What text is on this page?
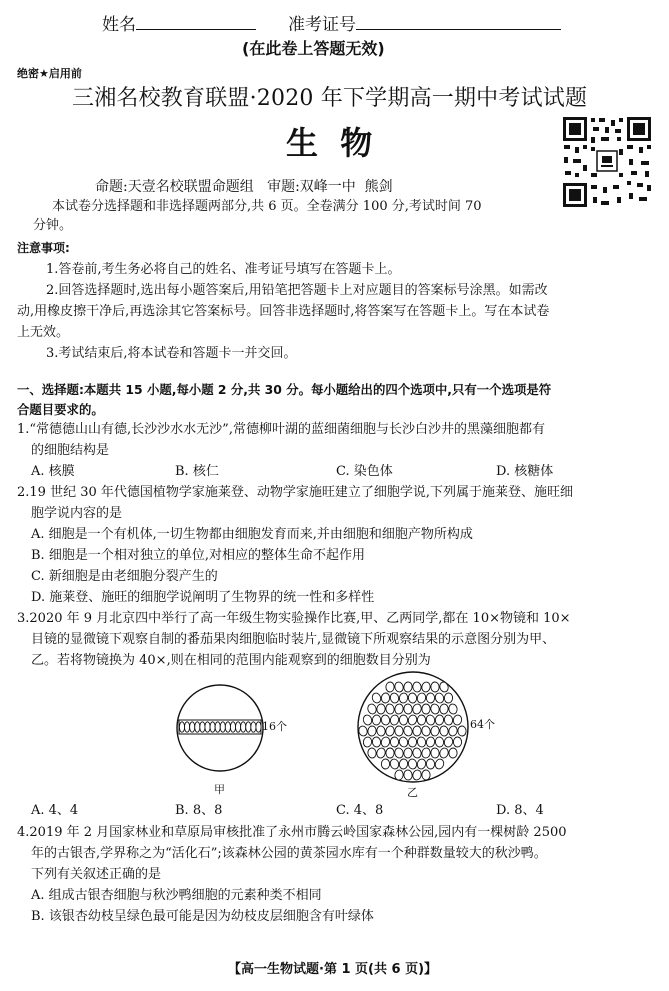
姓名	准考证号
(在此卷上答题无效)
绝密★启用前
三湘名校教育联盟·2020 年下学期高一期中考试试题
生  物
命题:天壹名校联盟命题组   审题:双峰一中  熊剑
本试卷分选择题和非选择题两部分,共 6 页。全卷满分 100 分,考试时间 70
分钟。
注意事项:
1.答卷前,考生务必将自己的姓名、准考证号填写在答题卡上。
2.回答选择题时,选出每小题答案后,用铅笔把答题卡上对应题目的答案标号涂黑。如需改
动,用橡皮擦干净后,再选涂其它答案标号。回答非选择题时,将答案写在答题卡上。写在本试卷
上无效。
3.考试结束后,将本试卷和答题卡一并交回。
一、选择题:本题共 15 小题,每小题 2 分,共 30 分。每小题给出的四个选项中,只有一个选项是符
合题目要求的。
1.“常德德山山有德,长沙沙水水无沙”,常德柳叶湖的蓝细菌细胞与长沙白沙井的黑藻细胞都有
的细胞结构是
A. 核膜	B. 核仁	C. 染色体	D. 核糖体
2.19 世纪 30 年代德国植物学家施莱登、动物学家施旺建立了细胞学说,下列属于施莱登、施旺细
胞学说内容的是
A. 细胞是一个有机体,一切生物都由细胞发育而来,并由细胞和细胞产物所构成
B. 细胞是一个相对独立的单位,对相应的整体生命不起作用
C. 新细胞是由老细胞分裂产生的
D. 施莱登、施旺的细胞学说阐明了生物界的统一性和多样性
3.2020 年 9 月北京四中举行了高一年级生物实验操作比赛,甲、乙两同学,都在 10×物镜和 10×
目镜的显微镜下观察自制的番茄果肉细胞临时装片,显微镜下所观察结果的示意图分别为甲、
乙。若将物镜换为 40×,则在相同的范围内能观察到的细胞数目分别为
16个
甲
64个
乙
A. 4、4	B. 8、8	C. 4、8	D. 8、4
4.2019 年 2 月国家林业和草原局审核批准了永州市腾云岭国家森林公园,园内有一棵树龄 2500
年的古银杏,学界称之为“活化石”;该森林公园的黄茶园水库有一个种群数量较大的秋沙鸭。
下列有关叙述正确的是
A. 组成古银杏细胞与秋沙鸭细胞的元素种类不相同
B. 该银杏幼枝呈绿色最可能是因为幼枝皮层细胞含有叶绿体
【高一生物试题·第 1 页(共 6 页)】
